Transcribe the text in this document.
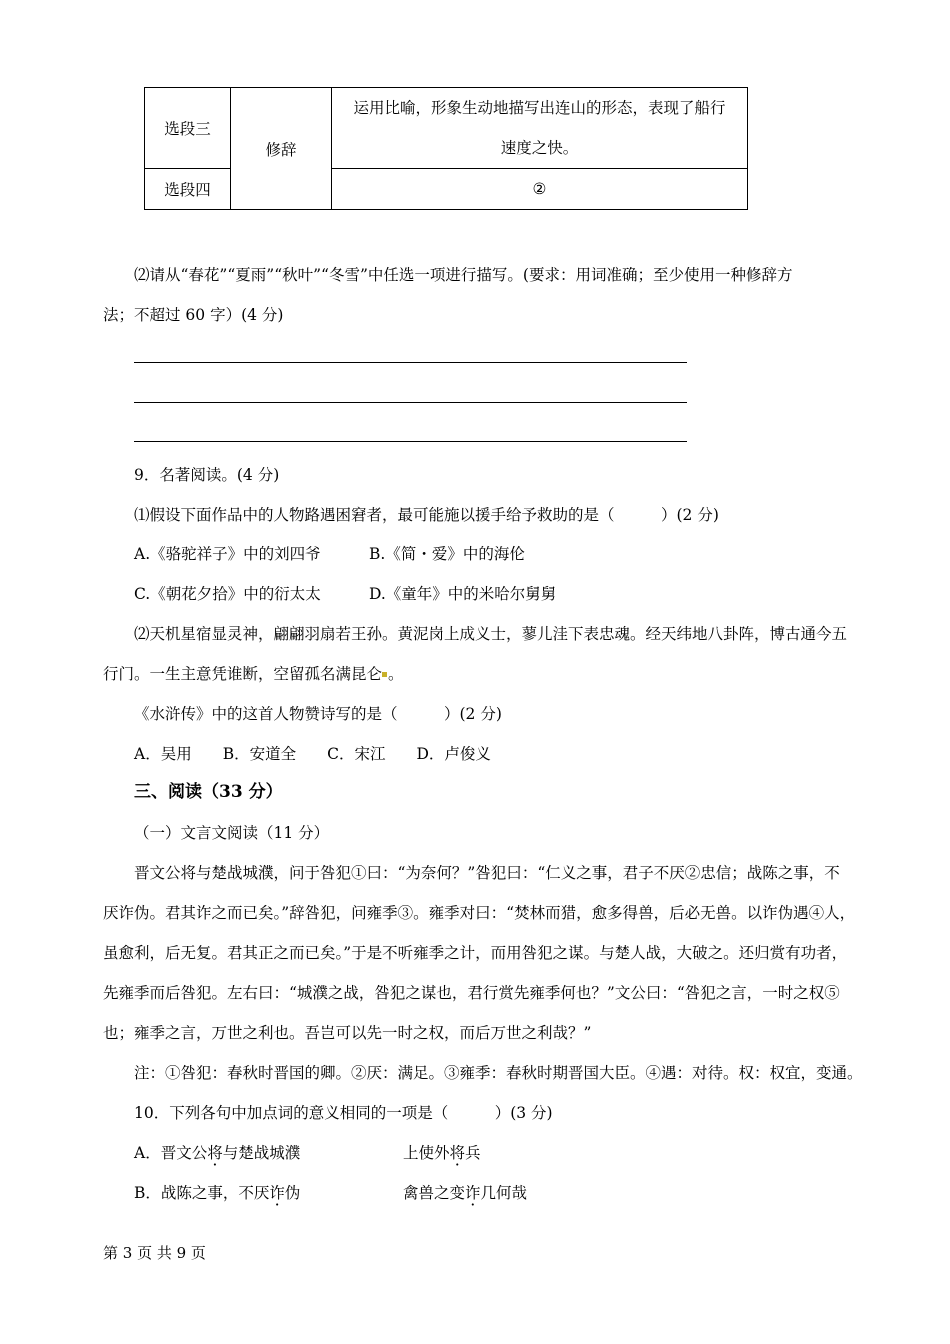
选段三	修辞	运用比喻，形象生动地描写出连山的形态，表现了船行
速度之快。

选段四		②
⑵请从“春花”“夏雨”“秋叶”“冬雪”中任选一项进行描写。(要求：用词准确；至少使用一种修辞方
法；不超过 60 字）(4 分)
9．名著阅读。(4 分)
⑴假设下面作品中的人物路遇困窘者，最可能施以援手给予救助的是（　　　）(2 分)
A.《骆驼祥子》中的刘四爷	B.《简・爱》中的海伦
C.《朝花夕拾》中的衍太太	D.《童年》中的米哈尔舅舅
⑵天机星宿显灵神，翩翩羽扇若王孙。黄泥岗上成义士，蓼儿洼下表忠魂。经天纬地八卦阵，博古通今五
行门。一生主意凭谁断，空留孤名满昆仑 。
《水浒传》中的这首人物赞诗写的是（　　　）(2 分)
A．吴用　　B．安道全　　C．宋江　　D．卢俊义
三、阅读（33 分）
（一）文言文阅读（11 分）
晋文公将与楚战城濮，问于咎犯①曰：“为奈何？”咎犯曰：“仁义之事，君子不厌②忠信；战陈之事，不
厌诈伪。君其诈之而已矣。”辞咎犯，问雍季③。雍季对曰：“焚林而猎，愈多得兽，后必无兽。以诈伪遇④人，
虽愈利，后无复。君其正之而已矣。”于是不听雍季之计，而用咎犯之谋。与楚人战，大破之。还归赏有功者，
先雍季而后咎犯。左右曰：“城濮之战，咎犯之谋也，君行赏先雍季何也？”文公曰：“咎犯之言，一时之权⑤
也；雍季之言，万世之利也。吾岂可以先一时之权，而后万世之利哉？”
注：①咎犯：春秋时晋国的卿。②厌：满足。③雍季：春秋时期晋国大臣。④遇：对待。权：权宜，变通。
10．下列各句中加点词的意义相同的一项是（　　　）(3 分)
A．晋文公将与楚战城濮	上使外将兵
B．战陈之事，不厌诈伪	禽兽之变诈几何哉
第 3 页 共 9 页
